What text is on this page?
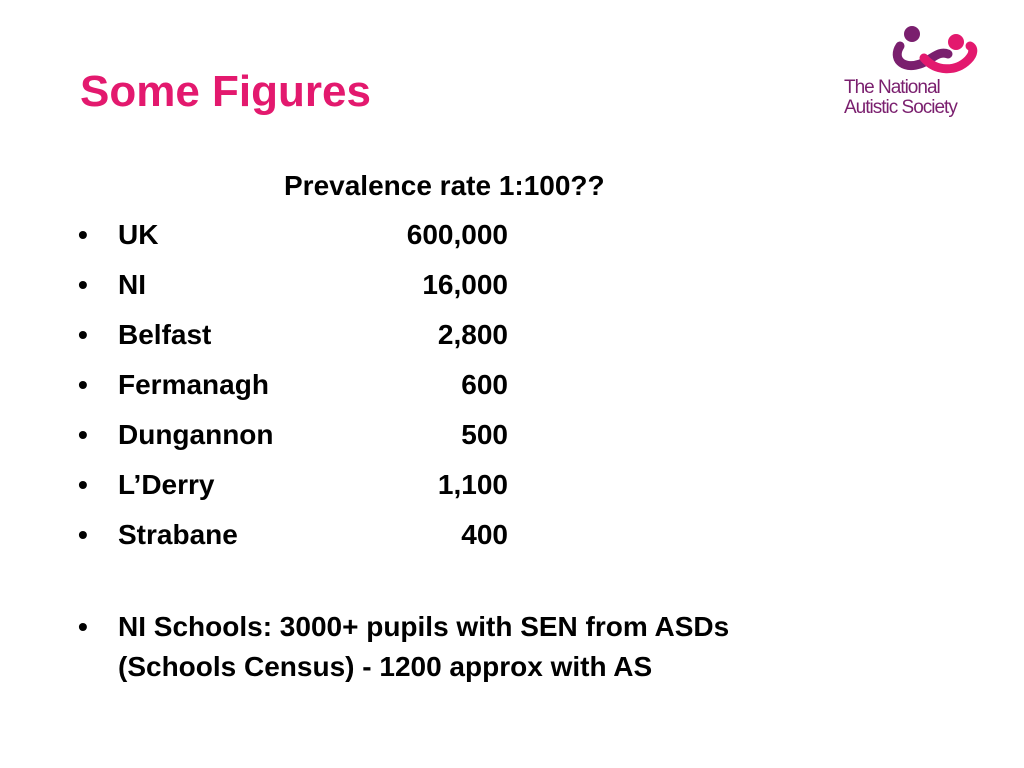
Some Figures	The National
Autistic Society
Prevalence rate 1:100??
• UK	600,000
• NI	16,000
• Belfast	2,800
• Fermanagh	600
• Dungannon	500
• L’Derry	1,100
• Strabane	400
• NI Schools: 3000+ pupils with SEN from ASDs
(Schools Census) - 1200 approx with AS
